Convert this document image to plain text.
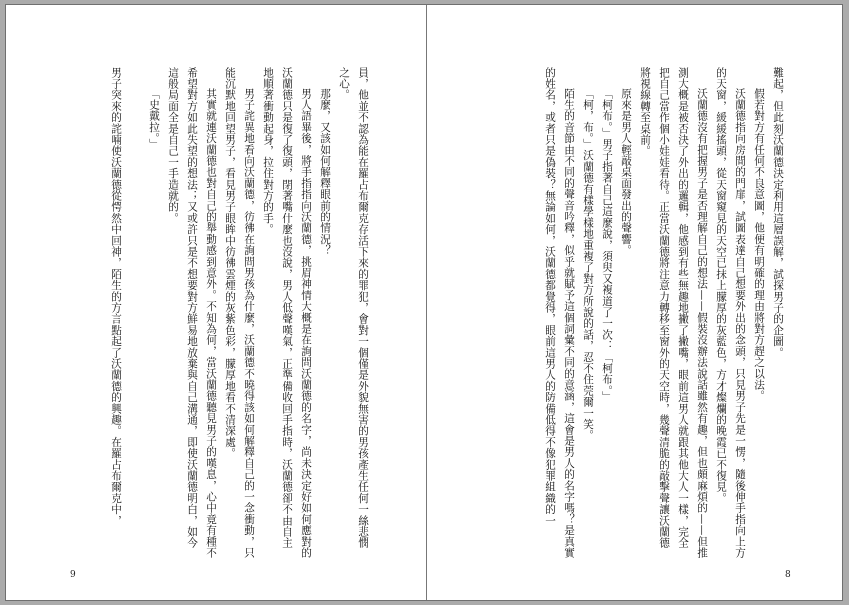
員，他並不認為能在羅占布爾克存活下來的罪犯，會對一個僅是外貌無害的男孩產生任何一絲悲憫之心。

那麼，又該如何解釋眼前的情況？

男人語畢後，將手指指向沃蘭德，挑眉神情大概是在詢問沃蘭德的名字，尚未決定好如何應對的沃蘭德只是復了復頭，閉著嘴什麼也沒說，男人低聲嘆氣，正準備收回手指時，沃蘭德卻不由自主地順著衝動起身，拉住對方的手。

男子詫異地看向沃蘭德，彷彿在詢問男孩為什麼，沃蘭德不曉得該如何解釋自己的一念衝動，只能沉默地回望男子，看見男子眼眸中彷彿雲煙的灰紫色彩，朦厚地看不清深處。

其實就連沃蘭德也對自己的舉動感到意外。不知為何，當沃蘭德聽見男子的嘆息，心中竟有種不希望對方如此失望的想法；又或許只是不想要對方鮮易地放棄與自己溝通，即使沃蘭德明白，如今這般局面全是自己一手造就的。

「史戴拉。」

男子突來的詫喃使沃蘭德從愕然中回神，陌生的方言點起了沃蘭德的興趣。在羅占布爾克中，

9

難起，但此刻沃蘭德決定利用這層誤解，試探男子的企圖。

假若對方有任何不良意圖，他便有明確的理由將對方趕之以法。

沃蘭德指向房間的門扉，試圖表達自己想要外出的念頭，只見男子先是一愣，隨後伸手指向上方的天窗，緩緩搖頭，從天窗窺見的天空已抹上朦厚的灰藍色，方才燦爛的晚霞已不復見。

沃蘭德沒有把握男子是否理解自己的想法——假裝沒辦法說話雖然有趣，但也頗麻煩的——但推測大概是被否決了外出的邏輯，他感到有些無趣地撇了撇嘴，眼前這男人就跟其他大人一樣，完全把自己當作個小娃娃看待。正當沃蘭德將注意力轉移至窗外的天空時，幾聲清脆的敲擊聲讓沃蘭德將視線轉至桌前。

原來是男人輕敲桌面發出的聲響。

「柯布。」男子指著自己這麼說，須臾又複道了一次：「柯布。」

「柯，布。」沃蘭德有樣學樣地重複了對方所說的話，忍不住莞爾一笑。

陌生的音節由不同的聲音吟釋，似乎就賦予這個詞彙不同的意涵，這會是男人的名字嗎？是真實的姓名，或者只是偽裝？無論如何，沃蘭德都覺得，眼前這男人的防備低得不像犯罪組織的一

8
